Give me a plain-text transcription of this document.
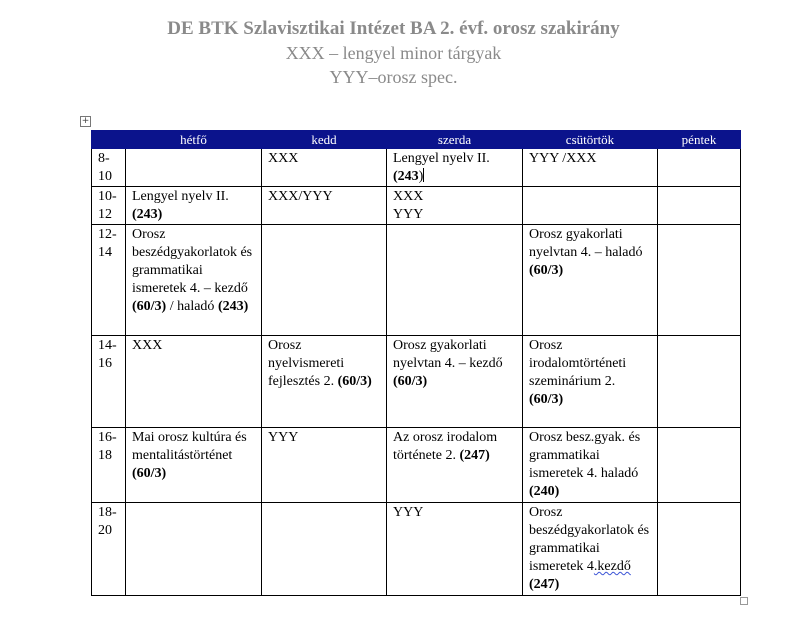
DE BTK Szlavisztikai Intézet BA 2. évf. orosz szakirány
XXX – lengyel minor tárgyak
YYY–orosz spec.
+
	hétfő	kedd	szerda	csütörtök	péntek
8-
10		XXX	Lengyel nyelv II. (243)	YYY /XXX	
10-
12	Lengyel nyelv II. (243)	XXX/YYY	XXX
YYY		
12-
14	Orosz beszédgyakorlatok és grammatikai ismeretek 4. – kezdő (60/3) / haladó (243)			Orosz gyakorlati nyelvtan 4. – haladó (60/3)	
14-
16	XXX	Orosz nyelvismereti fejlesztés 2. (60/3)	Orosz gyakorlati nyelvtan 4. – kezdő (60/3)	Orosz irodalomtörténeti szeminárium 2. (60/3)	
16-
18	Mai orosz kultúra és mentalitástörténet (60/3)	YYY	Az orosz irodalom története 2. (247)	Orosz besz.gyak. és grammatikai ismeretek 4. haladó (240)	
18-
20			YYY	Orosz beszédgyakorlatok és grammatikai ismeretek 4.kezdő
(247)	
